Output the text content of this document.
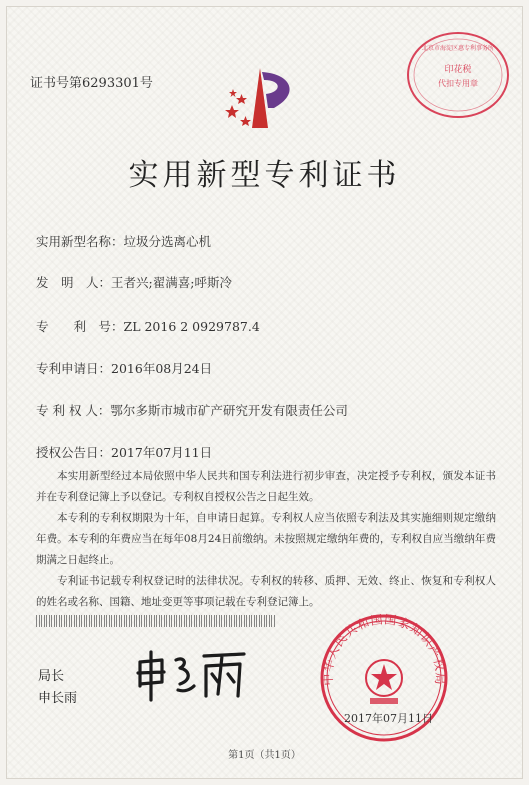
印花税
代扣专用章
北京市海淀区惠专利事务所
证书号第6293301号
实用新型专利证书
实用新型名称：垃圾分选离心机
发　明　人：王者兴;翟满喜;呼斯冷
专　　利　号：ZL 2016 2 0929787.4
专利申请日：2016年08月24日
专 利 权 人：鄂尔多斯市城市矿产研究开发有限责任公司
授权公告日：2017年07月11日

本实用新型经过本局依照中华人民共和国专利法进行初步审查，决定授予专利权，颁发本证书并在专利登记簿上予以登记。专利权自授权公告之日起生效。

本专利的专利权期限为十年，自申请日起算。专利权人应当依照专利法及其实施细则规定缴纳年费。本专利的年费应当在每年08月24日前缴纳。未按照规定缴纳年费的，专利权自应当缴纳年费期满之日起终止。

专利证书记载专利权登记时的法律状况。专利权的转移、质押、无效、终止、恢复和专利权人的姓名或名称、国籍、地址变更等事项记载在专利登记簿上。

局长
申长雨
中华人民共和国国家知识产权局
2017年07月11日
第1页（共1页）
